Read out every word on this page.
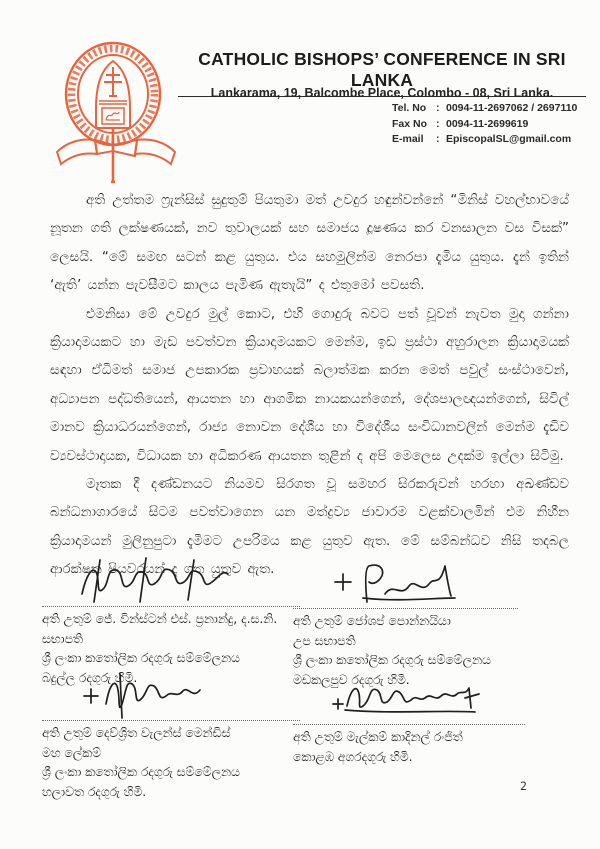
CATHOLIC BISHOPS’ CONFERENCE IN SRI LANKA
Lankarama, 19, Balcombe Place, Colombo - 08, Sri Lanka.
Tel. No : 0094-11-2697062 / 2697110
Fax No : 0094-11-2699619
E-mail	: EpiscopalSL@gmail.com

අති උත්තම ෆ්‍රැන්සිස් සුදුතුම් පියතුමා මත් උවදුර හඳුන්වන්නේ “මිනිස් වහල්භාවයේ නූතන ගති ලක්ෂණයක්, නව තුවාලයක් සහ සමාජය දූෂණය කර වනසාලන වස විසක්” ලෙසයි. “මේ සමඟ සටන් කළ යුතුය. එය සහමුලින්ම නෙරපා දැමිය යුතුය. දැන් ඉතින් ‘ඇති’ යන්න පැවසීමට කාලය පැමිණ ඇතැයි” ද එතුමෝ පවසති.

එමනිසා මේ උවදුර මුල් කොට, එහි ගොදුරු බවට පත් වූවන් නැවත මුදා ගන්නා ක්‍රියාදාමයකට හා මැඩ පවත්වන ක්‍රියාදාමයකට මෙන්ම, ඉඩ ප්‍රස්ථා අහුරාලන ක්‍රියාදාමයක් සඳහා ඒධිමත් සමාජ උපකාරක ප්‍රවාහයක් බලාත්මක කරන මෙත් පවුල් සංස්ථාවෙන්, අධ්‍යාපන පද්ධතියෙන්, ආයතන හා ආගමික නායකයන්ගෙන්, දේශපාලඥයන්ගෙන්, සිවිල් මානව ක්‍රියාධරයන්ගෙන්, රාජ්‍ය නොවන දේශීය හා විදේශීය සංවිධානවලින් මෙන්ම දැඩිව ව්‍යවස්ථාදායක, විධායක හා අධිකරණ ආයතන තුළින් ද අපි මෙලෙස උදක්ම ඉල්ලා සිටිමු.

මෑතක දී දණ්ඩනයට නියමව සිරගත වූ සමහර සිරකරුවන් හරහා අඛණ්ඩව බන්ධනාගාරයේ සිටම පවත්වාගෙන යන මත්ද්‍රව්‍ය ජාවාරම වළක්වාලමින් එම නිහීන ක්‍රියාදාමයන් මුලිනුපුටා දැමීමට උපරිමය කළ යුතුව ඇත. මේ සම්බන්ධව නිසි තදබල ආරක්ෂක පියවරයන් ද ගත යුතුව ඇත.

අති උතුම් ජේ. වින්ස්ටන් එස්. ප්‍රනාන්දු, ද.ස.නි.
සභාපති
ශ්‍රී ලංකා කතෝලික රදගුරු සම්මේලනය
බදුල්ල රදගුරු හිමි.
අති උතුම් ජෝශප් පොන්නයියා
උප සභාපති
ශ්‍රී ලංකා කතෝලික රදගුරු සම්මේලනය
මඩකලපුව රදගුරු හිමි.
අති උතුම් දෙව්ශ්‍රිත වැලන්ස් මෙන්ඩිස්
මහ ලේකම්
ශ්‍රී ලංකා කතෝලික රදගුරු සම්මේලනය
හලාවත රදගුරු හිමි.
අති උතුම් මැල්කම් කාදිනල් රංජිත්
කොළඹ අගරදගුරු හිමි.
2
